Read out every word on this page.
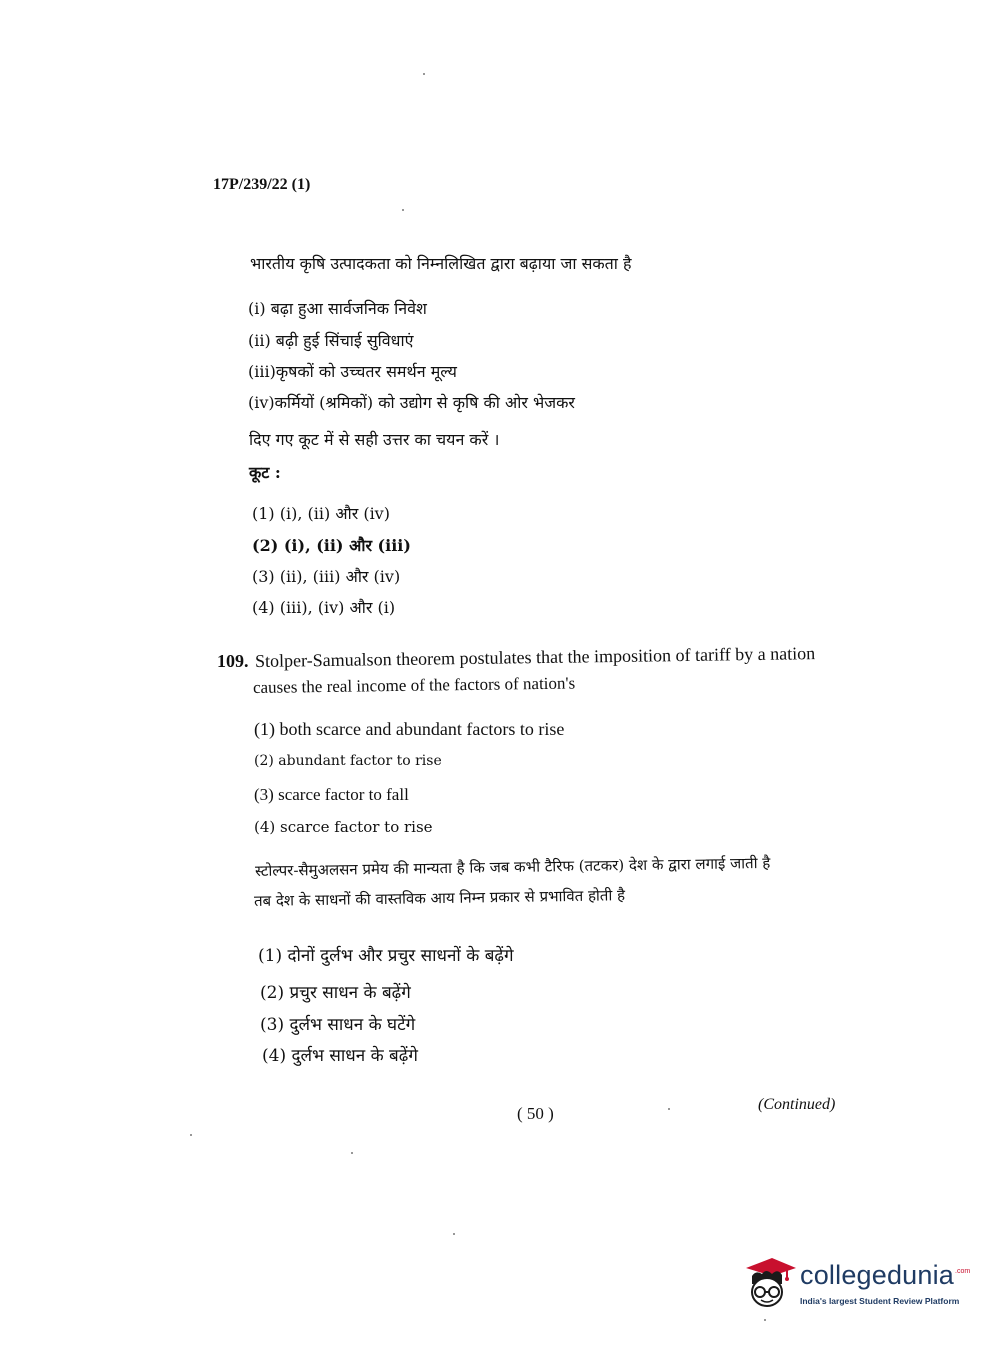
17P/239/22 (1)
भारतीय कृषि उत्पादकता को निम्नलिखित द्वारा बढ़ाया जा सकता है
(i) बढ़ा हुआ सार्वजनिक निवेश
(ii) बढ़ी हुई सिंचाई सुविधाएं
(iii)कृषकों को उच्चतर समर्थन मूल्य
(iv)कर्मियों (श्रमिकों) को उद्योग से कृषि की ओर भेजकर
दिए गए कूट में से सही उत्तर का चयन करें ।
कूट :
(1) (i), (ii) और (iv)
(2) (i), (ii) और (iii)
(3) (ii), (iii) और (iv)
(4) (iii), (iv) और (i)
109. Stolper-Samualson theorem postulates that the imposition of tariff by a nation
causes the real income of the factors of nation's
(1) both scarce and abundant factors to rise
(2) abundant factor to rise
(3) scarce factor to fall
(4) scarce factor to rise
स्टोल्पर-सैमुअलसन प्रमेय की मान्यता है कि जब कभी टैरिफ (तटकर) देश के द्वारा लगाई जाती है
तब देश के साधनों की वास्तविक आय निम्न प्रकार से प्रभावित होती है
(1) दोनों दुर्लभ और प्रचुर साधनों के बढ़ेंगे
(2) प्रचुर साधन के बढ़ेंगे
(3) दुर्लभ साधन के घटेंगे
(4) दुर्लभ साधन के बढ़ेंगे
( 50 )	(Continued)
collegedunia .com
India's largest Student Review Platform
